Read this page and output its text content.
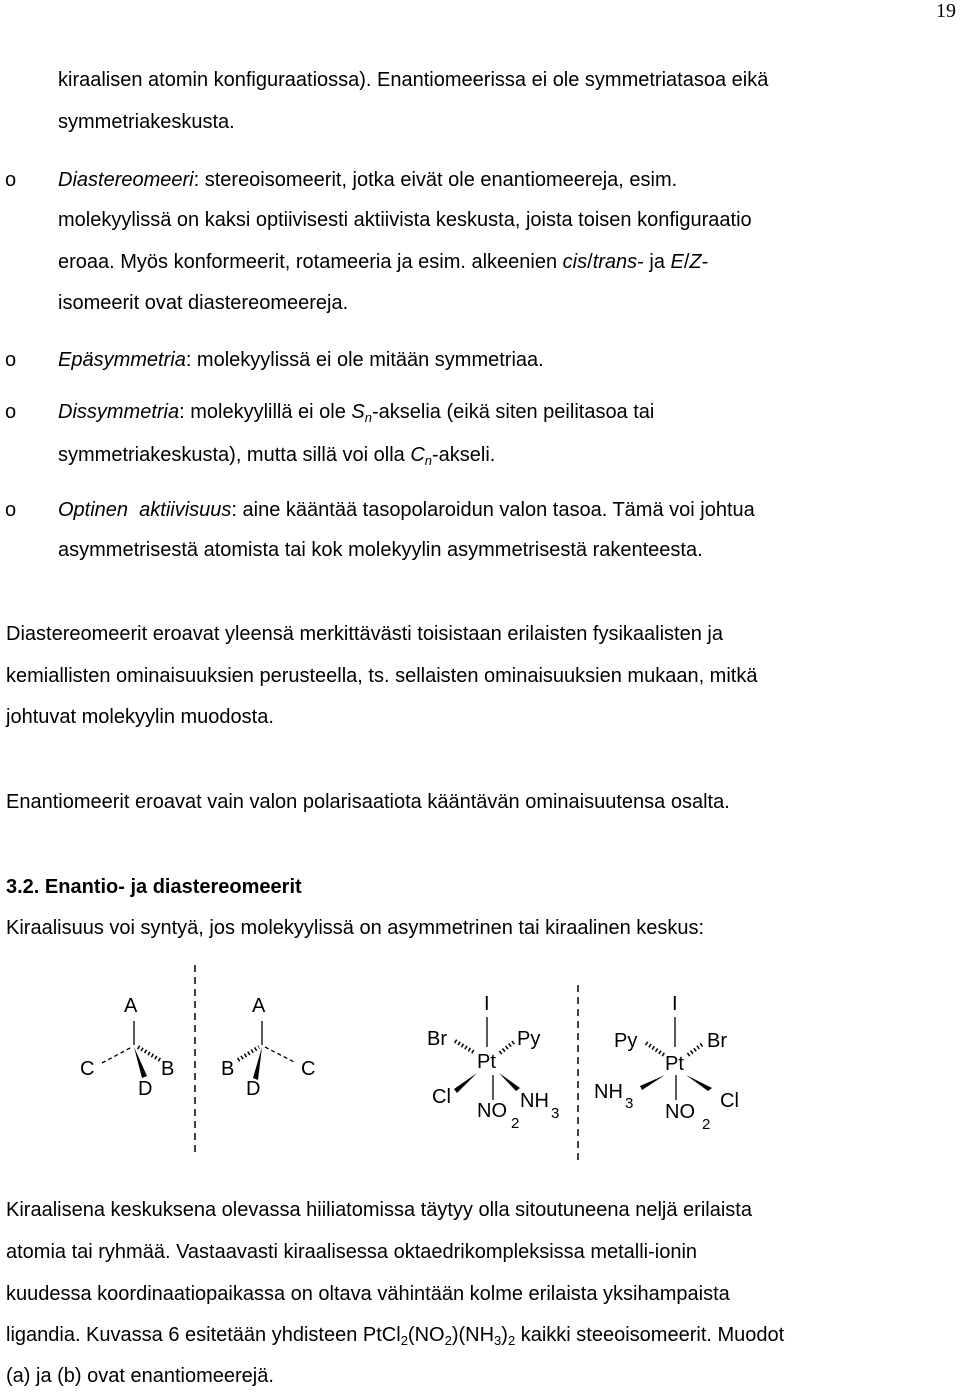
19
kiraalisen atomin konfiguraatiossa). Enantiomeerissa ei ole symmetriatasoa eikä
symmetriakeskusta.
o Diastereomeeri: stereoisomeerit, jotka eivät ole enantiomeereja, esim.
molekyylissä on kaksi optiivisesti aktiivista keskusta, joista toisen konfiguraatio
eroaa. Myös konformeerit, rotameeria ja esim. alkeenien cis/trans- ja E/Z-
isomeerit ovat diastereomeereja.
o Epäsymmetria: molekyylissä ei ole mitään symmetriaa.
o Dissymmetria: molekyylillä ei ole $S_n$-akselia (eikä siten peilitasoa tai
symmetriakeskusta), mutta sillä voi olla $C_n$-akseli.
o Optinen  aktiivisuus: aine kääntää tasopolaroidun valon tasoa. Tämä voi johtua
asymmetrisestä atomista tai kok molekyylin asymmetrisestä rakenteesta.
Diastereomeerit eroavat yleensä merkittävästi toisistaan erilaisten fysikaalisten ja
kemiallisten ominaisuuksien perusteella, ts. sellaisten ominaisuuksien mukaan, mitkä
johtuvat molekyylin muodosta.
Enantiomeerit eroavat vain valon polarisaatiota kääntävän ominaisuutensa osalta.
3.2. Enantio- ja diastereomeerit
Kiraalisuus voi syntyä, jos molekyylissä on asymmetrinen tai kiraalinen keskus:
A
C	B
D
A
B	C
D
I
Br	Py
Pt
Cl
NO
2
NH
3
I
Py	Br
Pt
NH
3 NO
2
Cl
Kiraalisena keskuksena olevassa hiiliatomissa täytyy olla sitoutuneena neljä erilaista
atomia tai ryhmää. Vastaavasti kiraalisessa oktaedrikompleksissa metalli-ionin
kuudessa koordinaatiopaikassa on oltava vähintään kolme erilaista yksihampaista
ligandia. Kuvassa 6 esitetään yhdisteen $PtCl_2(NO_2)(NH_3)_2$ kaikki steeoisomeerit. Muodot
(a) ja (b) ovat enantiomeerejä.
